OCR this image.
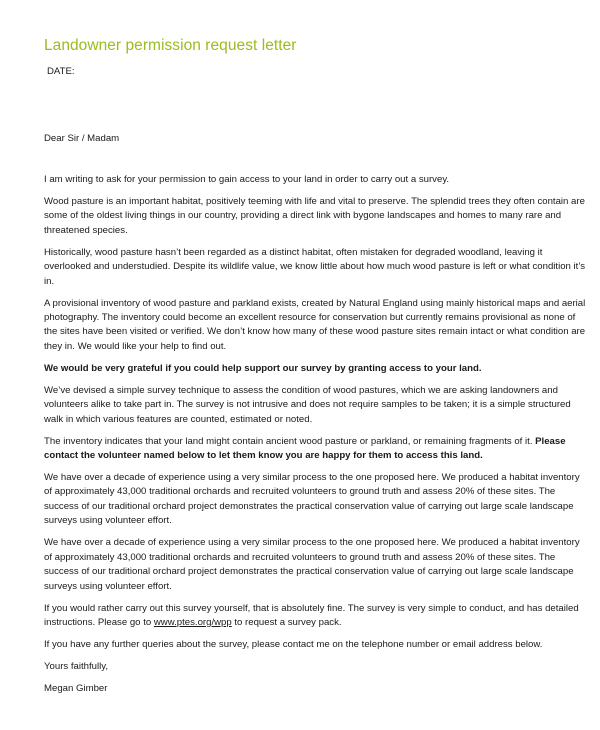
Landowner permission request letter
DATE:
Dear Sir / Madam

I am writing to ask for your permission to gain access to your land in order to carry out a survey.

Wood pasture is an important habitat, positively teeming with life and vital to preserve. The splendid trees they often contain are some of the oldest living things in our country, providing a direct link with bygone landscapes and homes to many rare and threatened species.

Historically, wood pasture hasn’t been regarded as a distinct habitat, often mistaken for degraded woodland, leaving it overlooked and understudied. Despite its wildlife value, we know little about how much wood pasture is left or what condition it’s in.

A provisional inventory of wood pasture and parkland exists, created by Natural England using mainly historical maps and aerial photography. The inventory could become an excellent resource for conservation but currently remains provisional as none of the sites have been visited or verified. We don’t know how many of these wood pasture sites remain intact or what condition are they in. We would like your help to find out.

We would be very grateful if you could help support our survey by granting access to your land.

We’ve devised a simple survey technique to assess the condition of wood pastures, which we are asking landowners and volunteers alike to take part in. The survey is not intrusive and does not require samples to be taken; it is a simple structured walk in which various features are counted, estimated or noted.

The inventory indicates that your land might contain ancient wood pasture or parkland, or remaining fragments of it. Please contact the volunteer named below to let them know you are happy for them to access this land.

We have over a decade of experience using a very similar process to the one proposed here. We produced a habitat inventory of approximately 43,000 traditional orchards and recruited volunteers to ground truth and assess 20% of these sites. The success of our traditional orchard project demonstrates the practical conservation value of carrying out large scale landscape surveys using volunteer effort.

We have over a decade of experience using a very similar process to the one proposed here. We produced a habitat inventory of approximately 43,000 traditional orchards and recruited volunteers to ground truth and assess 20% of these sites. The success of our traditional orchard project demonstrates the practical conservation value of carrying out large scale landscape surveys using volunteer effort.

If you would rather carry out this survey yourself, that is absolutely fine. The survey is very simple to conduct, and has detailed instructions. Please go to www.ptes.org/wpp to request a survey pack.

If you have any further queries about the survey, please contact me on the telephone number or email address below.

Yours faithfully,

Megan Gimber
